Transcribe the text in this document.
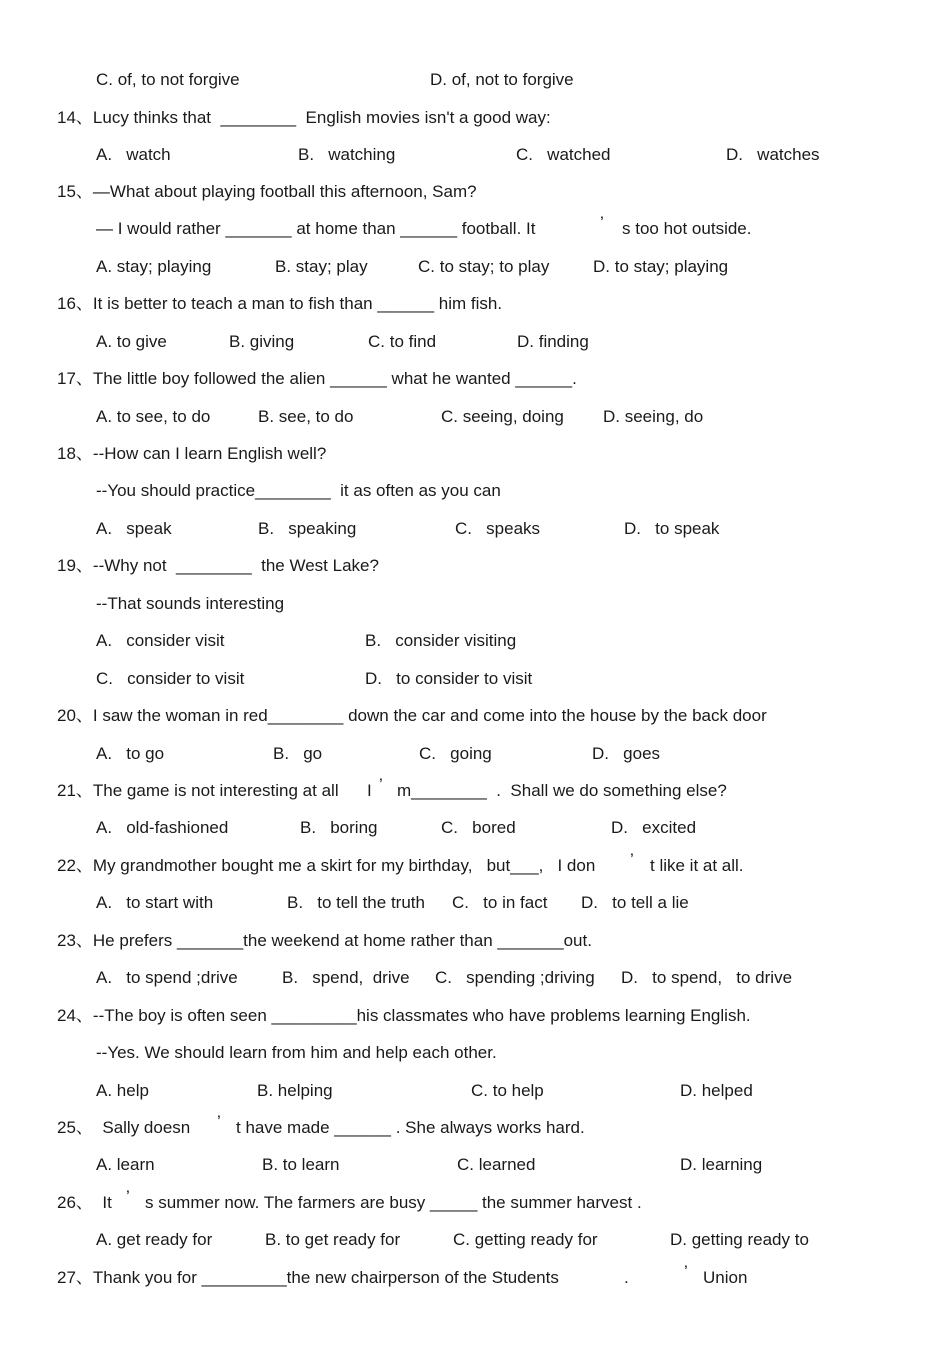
C. of, to not forgive	D. of, not to forgive
14、Lucy thinks that  ________  English movies isn't a good way:
A.   watch	B.   watching	C.   watched	D.   watches
15、—What about playing football this afternoon, Sam?
— I would rather _______ at home than ______ football. It	’ s too hot outside.
A. stay; playing	B. stay; play	C. to stay; to play	D. to stay; playing
16、It is better to teach a man to fish than ______ him fish.
A. to give	B. giving	C. to find	D. finding
17、The little boy followed the alien ______ what he wanted ______.
A. to see, to do	B. see, to do	C. seeing, doing D. seeing, do
18、--How can I learn English well?
--You should practice________  it as often as you can
A.   speak	B.   speaking	C.   speaks	D.   to speak
19、--Why not  ________  the West Lake?
--That sounds interesting
A.   consider visit	B.   consider visiting
C.   consider to visit	D.   to consider to visit
20、I saw the woman in red________ down the car and come into the house by the back door
A.   to go	B.   go	C.   going	D.   goes
21、The game is not interesting at all I ’ m________  .  Shall we do something else?
A.   old-fashioned	B.   boring	C.   bored	D.   excited
22、My grandmother bought me a skirt for my birthday,   but___,   I don ’ t like it at all.
A.   to start with	B.   to tell the truth C.   to in fact D.   to tell a lie
23、He prefers _______the weekend at home rather than _______out.
A.   to spend ;drive	B.   spend,  drive C.   spending ;driving D.   to spend,   to drive
24、--The boy is often seen _________his classmates who have problems learning English.
--Yes. We should learn from him and help each other.
A. help	B. helping	C. to help	D. helped
25、  Sally doesn ’ t have made ______ . She always works hard.
A. learn	B. to learn	C. learned	D. learning
26、  It ’ s summer now. The farmers are busy _____ the summer harvest .
A. get ready for	B. to get ready for	C. getting ready for	D. getting ready to
27、Thank you for _________the new chairperson of the Students	.	’ Union
